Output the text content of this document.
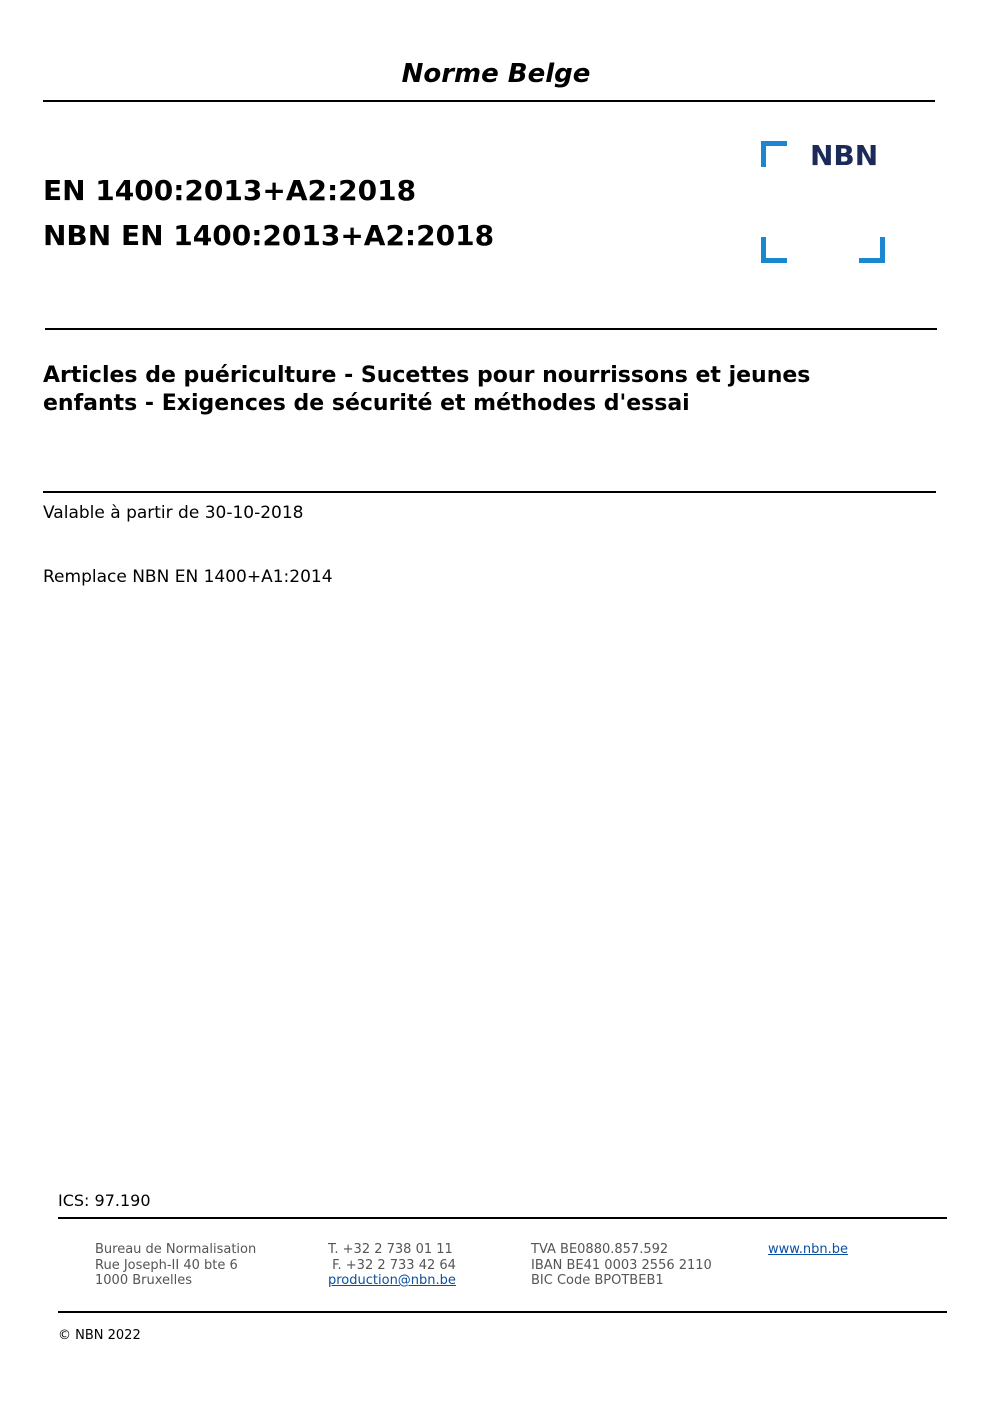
Norme Belge
EN 1400:2013+A2:2018
NBN EN 1400:2013+A2:2018
NBN
Articles de puériculture - Sucettes pour nourrissons et jeunes
enfants - Exigences de sécurité et méthodes d'essai
Valable à partir de 30-10-2018
Remplace NBN EN 1400+A1:2014
ICS: 97.190
Bureau de Normalisation
Rue Joseph-II 40 bte 6
1000 Bruxelles
T. +32 2 738 01 11
F. +32 2 733 42 64
production@nbn.be
TVA BE0880.857.592
IBAN BE41 0003 2556 2110
BIC Code BPOTBEB1
www.nbn.be
© NBN 2022
